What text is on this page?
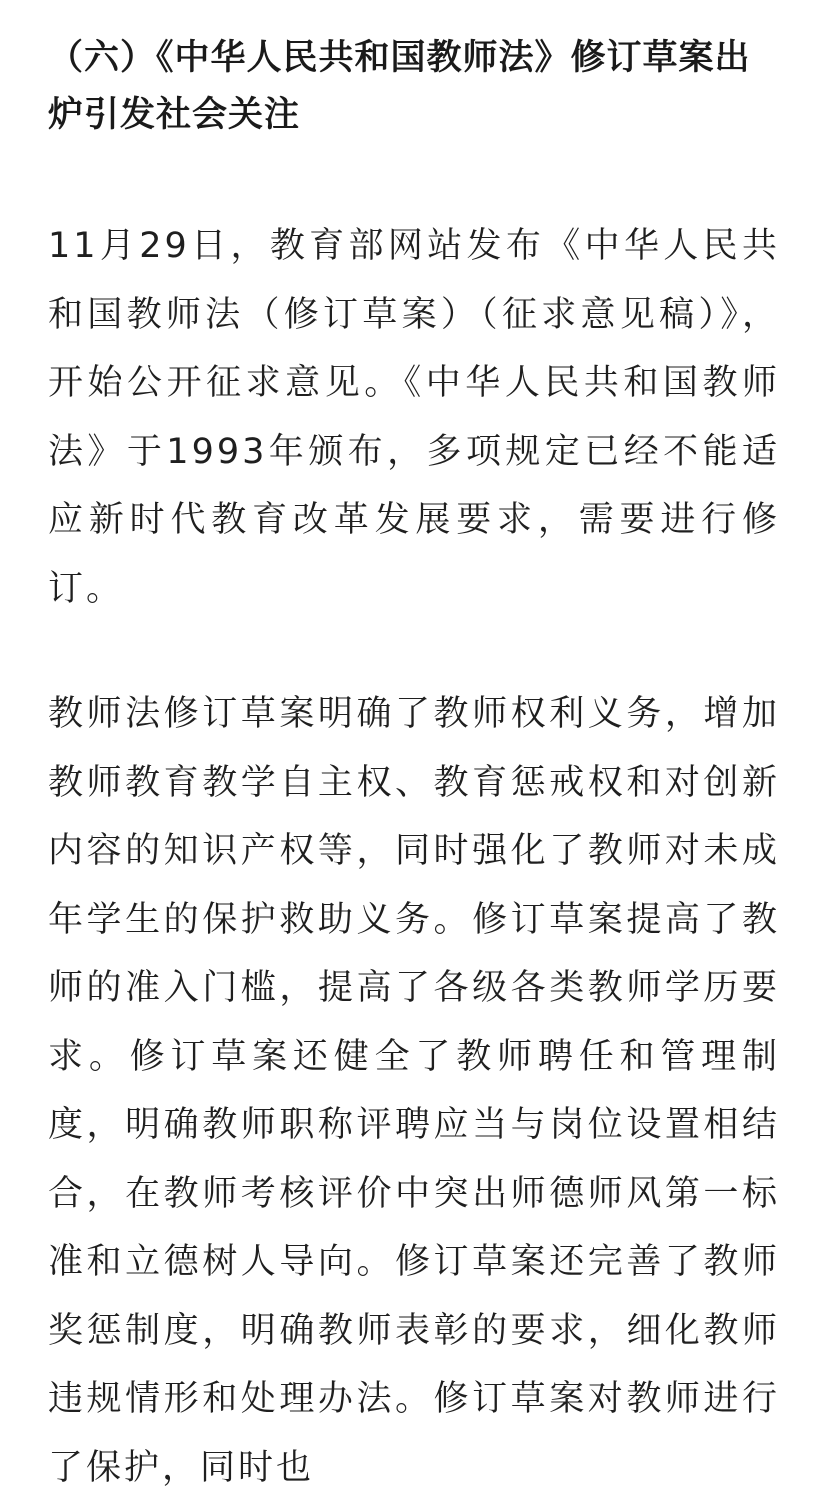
（六）《中华人民共和国教师法》修订草案出炉引发社会关注

11月29日，教育部网站发布《中华人民共和国教师法（修订草案）（征求意见稿）》，开始公开征求意见。《中华人民共和国教师法》于1993年颁布，多项规定已经不能适应新时代教育改革发展要求，需要进行修订。

教师法修订草案明确了教师权利义务，增加教师教育教学自主权、教育惩戒权和对创新内容的知识产权等，同时强化了教师对未成年学生的保护救助义务。修订草案提高了教师的准入门槛，提高了各级各类教师学历要求。修订草案还健全了教师聘任和管理制度，明确教师职称评聘应当与岗位设置相结合，在教师考核评价中突出师德师风第一标准和立德树人导向。修订草案还完善了教师奖惩制度，明确教师表彰的要求，细化教师违规情形和处理办法。修订草案对教师进行了保护，同时也
